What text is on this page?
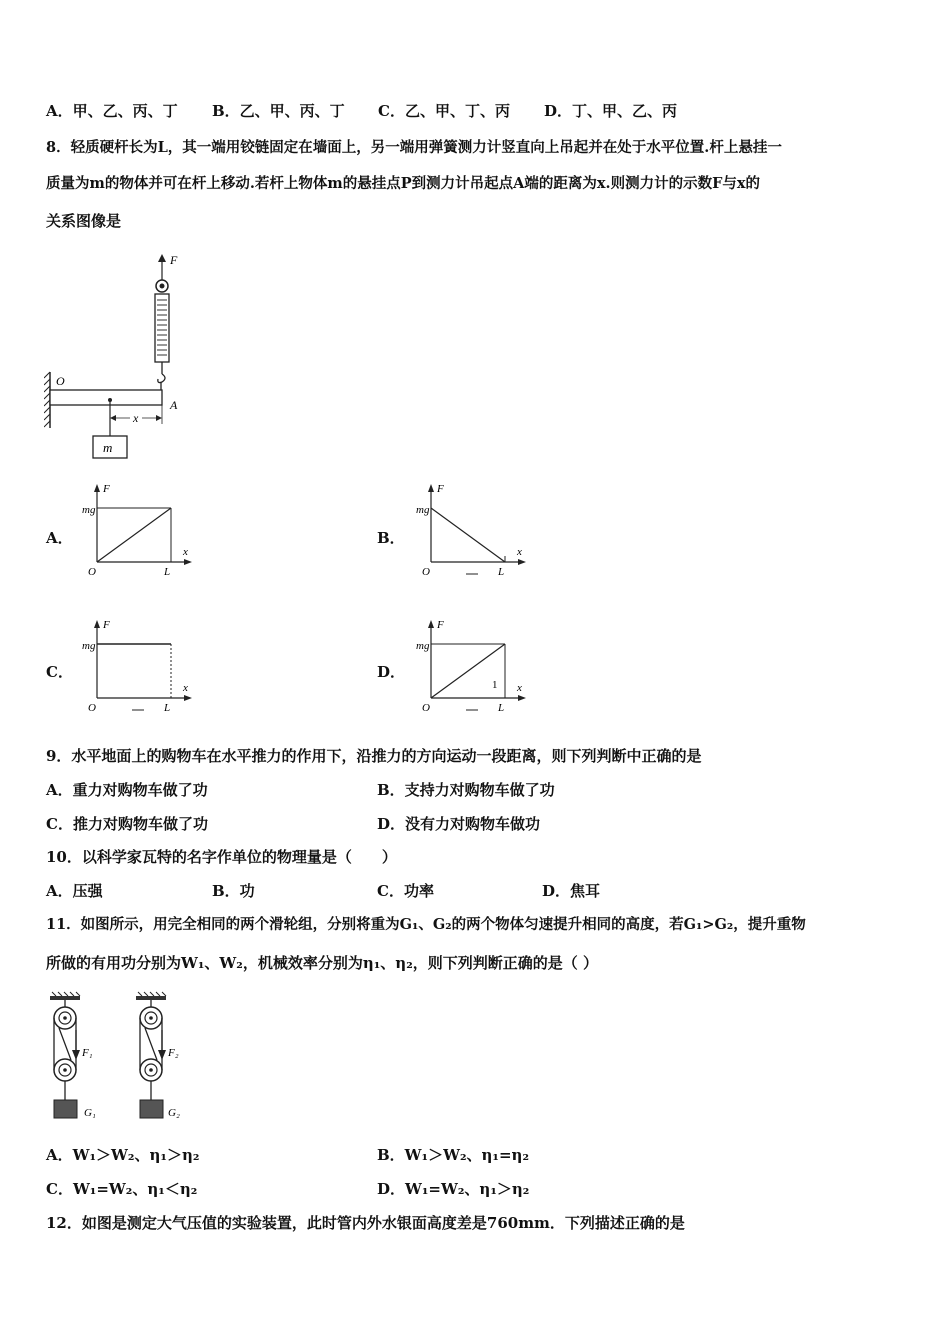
A．甲、乙、丙、丁 B．乙、甲、丙、丁 C．乙、甲、丁、丙 D．丁、甲、乙、丙
8．轻质硬杆长为L，其一端用铰链固定在墙面上，另一端用弹簧测力计竖直向上吊起并在处于水平位置.杆上悬挂一
质量为m的物体并可在杆上移动.若杆上物体m的悬挂点P到测力计吊起点A端的距离为x.则测力计的示数F与x的
关系图像是
F
O
A
x
m
A．
F
mg
O	L
x
B．
F
mg
O	L
x
C．
F
mg
O	L
x
D．
F
mg
O	L
x
1
9．水平地面上的购物车在水平推力的作用下，沿推力的方向运动一段距离，则下列判断中正确的是
A．重力对购物车做了功	B．支持力对购物车做了功
C．推力对购物车做了功	D．没有力对购物车做功
10．以科学家瓦特的名字作单位的物理量是（　　）
A．压强	B．功	C．功率	D．焦耳
11．如图所示，用完全相同的两个滑轮组，分别将重为G₁、G₂的两个物体匀速提升相同的高度，若G₁>G₂，提升重物
所做的有用功分别为W₁、W₂，机械效率分别为η₁、η₂，则下列判断正确的是（ ）
F₁
G₁
F₂
G₂
A．W₁＞W₂、η₁＞η₂	B．W₁＞W₂、η₁=η₂
C．W₁=W₂、η₁＜η₂	D．W₁=W₂、η₁＞η₂
12．如图是测定大气压值的实验装置，此时管内外水银面高度差是760mm．下列描述正确的是
